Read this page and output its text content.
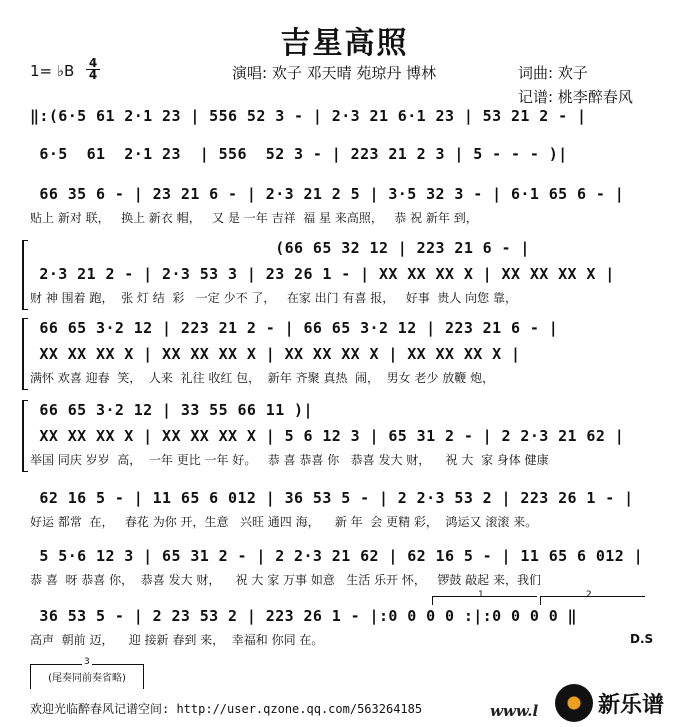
吉星高照
1= ♭B 4
4	演唱: 欢子 邓天晴 苑琼丹 博林	词曲: 欢子
记谱: 桃李醉春风
‖:(6·5 61 2·1 23 | 556 52 3 - | 2·3 21 6·1 23 | 53 21 2 - |
6·5  61  2·1 23  | 556  52 3 - | 223 21 2 3 | 5 - - - )|
66 35 6 - | 23 21 6 - | 2·3 21 2 5 | 3·5 32 3 - | 6·1 65 6 - |
贴上 新对 联，   换上 新衣 帽，   又 是 一年 吉祥  福 星 来高照，   恭 祝 新年 到，
(66 65 32 12 | 223 21 6 - |
2·3 21 2 - | 2·3 53 3 | 23 26 1 - | XX XX XX X | XX XX XX X |
财 神 围着 跑，  张 灯 结  彩   一定 少不 了，   在家 出门 有喜 报，   好事  贵人 向您 靠，
66 65 3·2 12 | 223 21 2 - | 66 65 3·2 12 | 223 21 6 - |
XX XX XX X | XX XX XX X | XX XX XX X | XX XX XX X |
满怀 欢喜 迎春  笑，  人来  礼往 收红 包，  新年 齐聚 真热  闹，  男女 老少 放鞭 炮，
66 65 3·2 12 | 33 55 66 11 )|
XX XX XX X | XX XX XX X | 5 6 12 3 | 65 31 2 - | 2 2·3 21 62 |
举国 同庆 岁岁  高，  一年 更比 一年 好。   恭 喜 恭喜 你   恭喜 发大 财，    祝 大  家 身体 健康
62 16 5 - | 11 65 6 012 | 36 53 5 - | 2 2·3 53 2 | 223 26 1 - |
好运 都常  在，   春花 为你 开，生意   兴旺 通四 海，    新 年  会 更精 彩，  鸿运又 滚滚 来。
5 5·6 12 3 | 65 31 2 - | 2 2·3 21 62 | 62 16 5 - | 11 65 6 012 |
恭 喜  呀 恭喜 你，  恭喜 发大 财，    祝 大 家 万事 如意   生活 乐开 怀，   锣鼓 敲起 来，我们
1	2
36 53 5 - | 2 23 53 2 | 223 26 1 - |:0 0 0 0 :|:0 0 0 0 ‖
高声  朝前 迈，    迎 接新 春到 来，  幸福和 你同 在。	D.S
(尾奏同前奏省略)
3
欢迎光临醉春风记谱空间: http://user.qzone.qq.com/563264185	www.l	新乐谱
